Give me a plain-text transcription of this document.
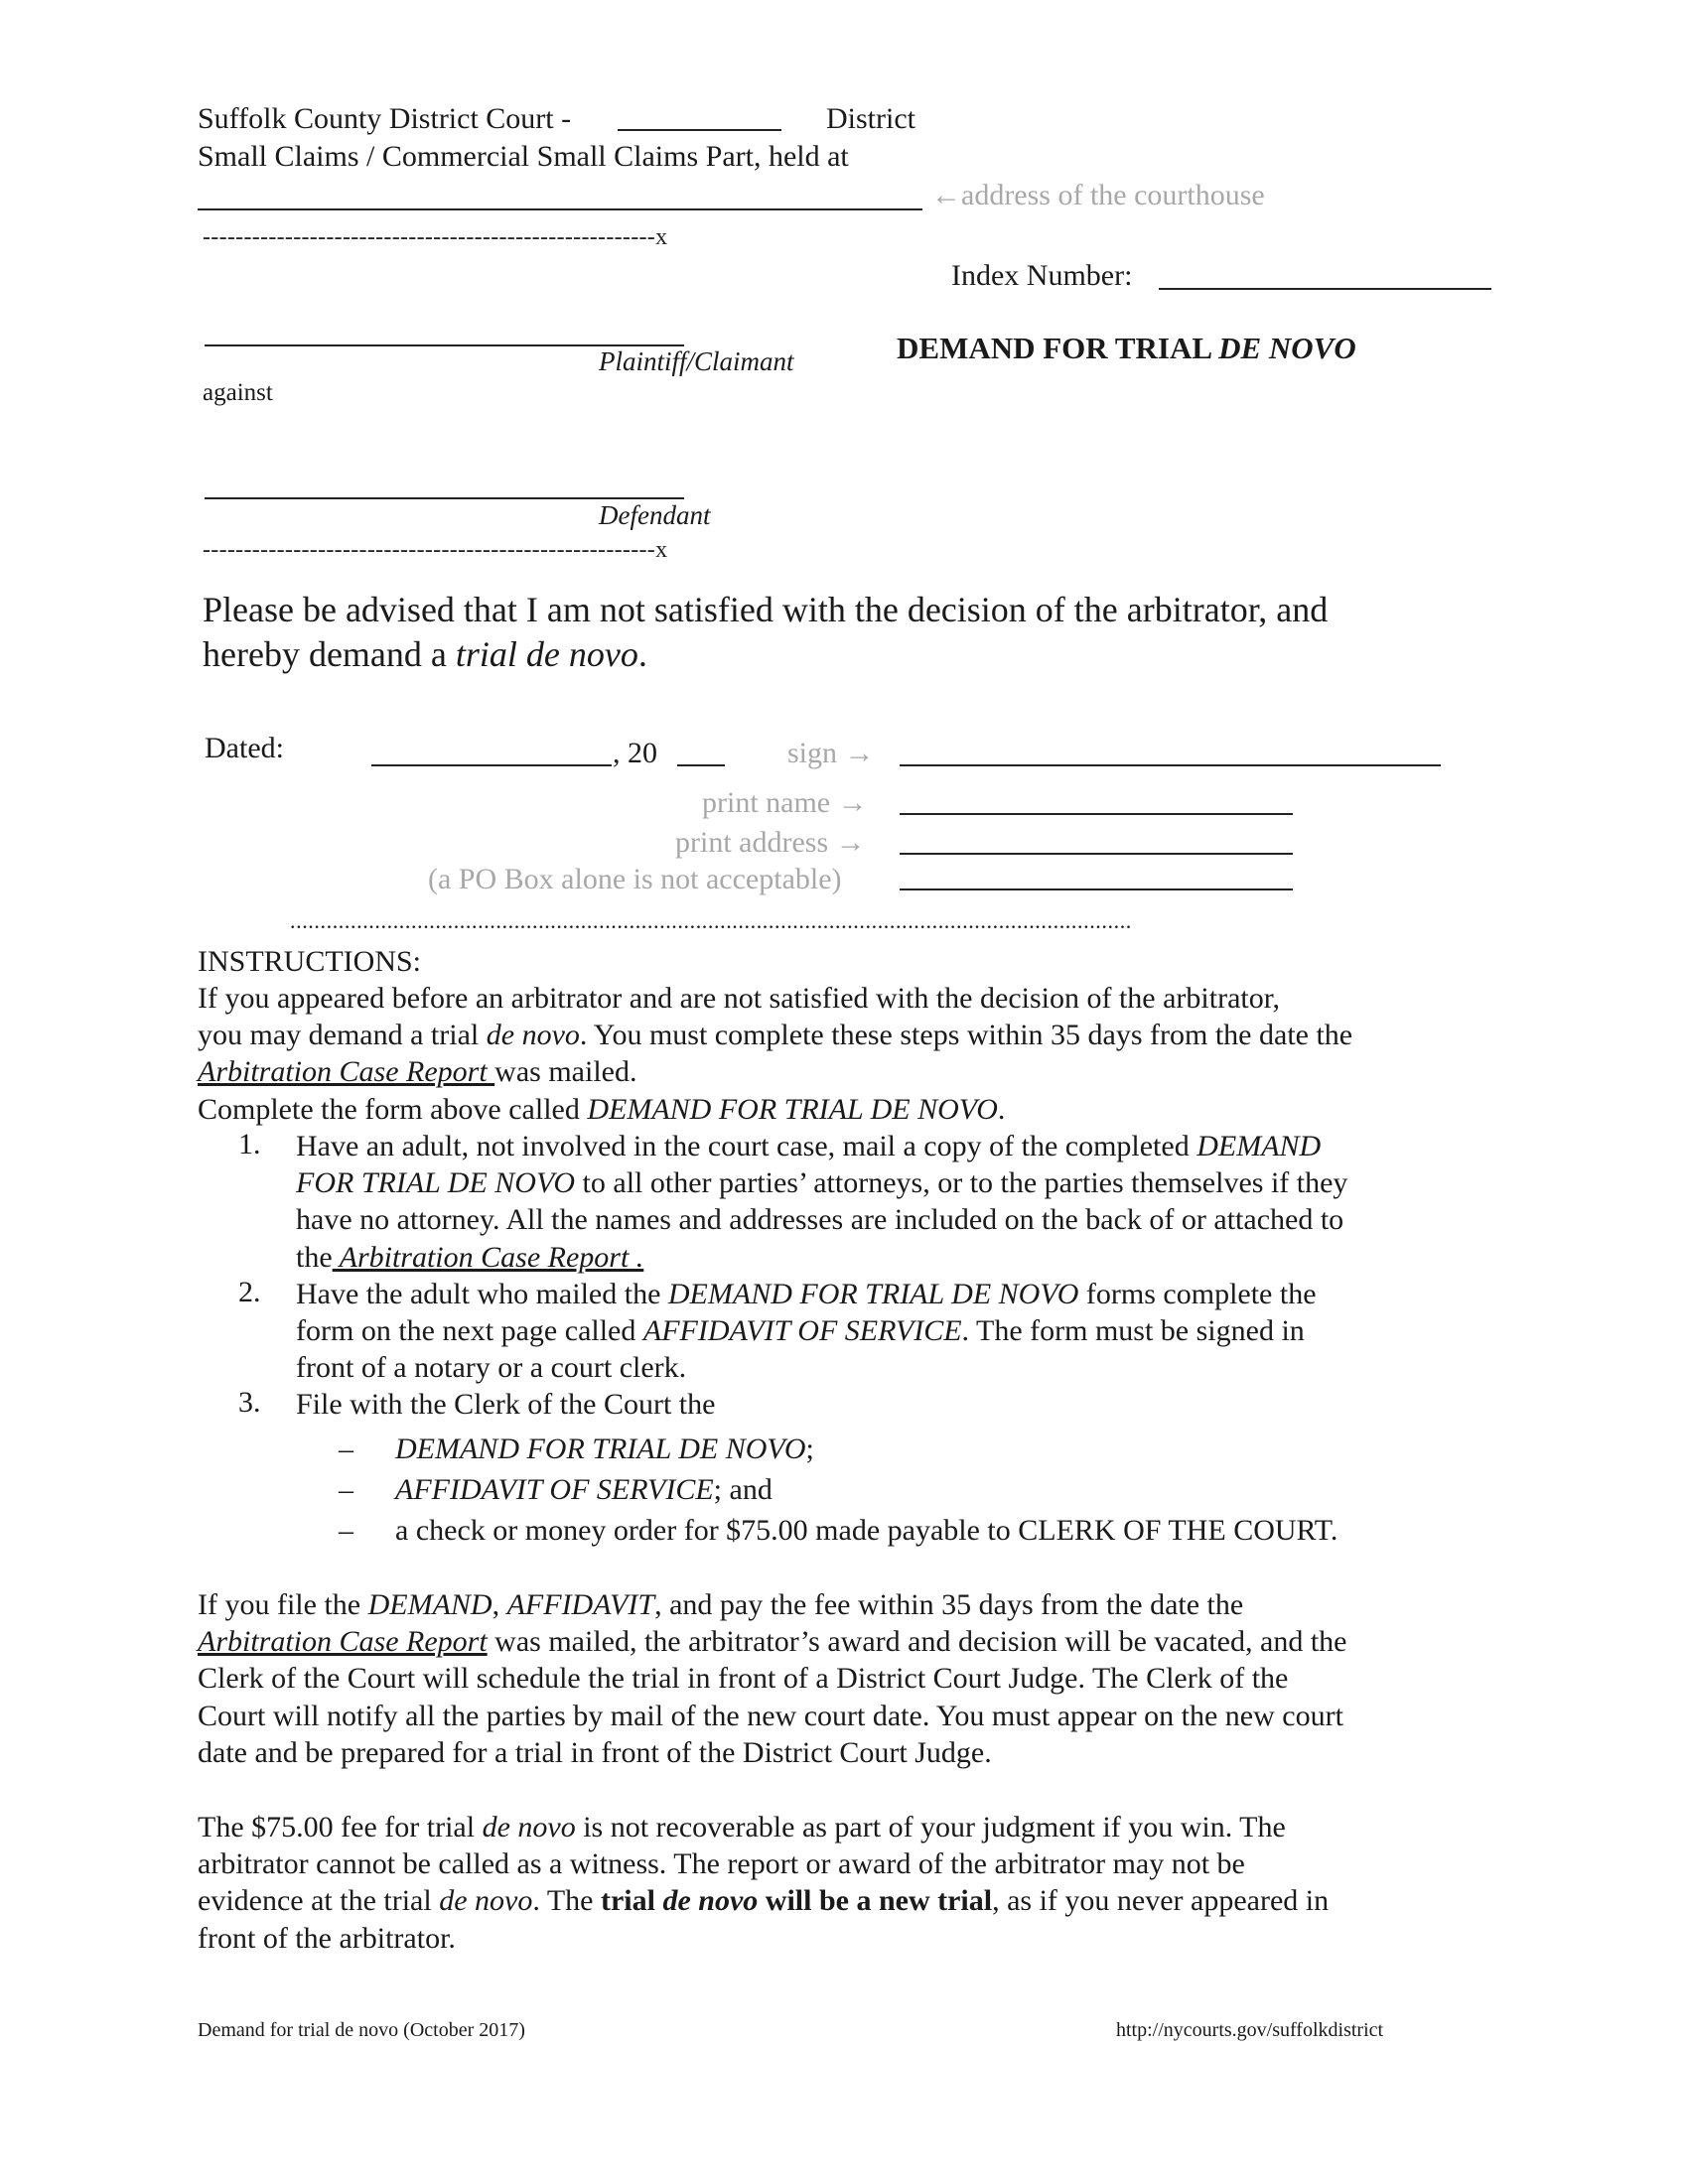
Suffolk County District Court -	District
Small Claims / Commercial Small Claims Part, held at
←address of the courthouse
-------------------------------------------------------x
Index Number:
DEMAND FOR TRIAL DE NOVO
Plaintiff/Claimant
against
Defendant
-------------------------------------------------------x
Please be advised that I am not satisfied with the decision of the arbitrator, and
hereby demand a trial de novo.
Dated:	, 20	sign →
print name →
print address →
(a PO Box alone is not acceptable)
...........................................................................................................................................
INSTRUCTIONS:
If you appeared before an arbitrator and are not satisfied with the decision of the arbitrator,
you may demand a trial de novo. You must complete these steps within 35 days from the date the
Arbitration Case Report was mailed.
Complete the form above called DEMAND FOR TRIAL DE NOVO.
1. Have an adult, not involved in the court case, mail a copy of the completed DEMAND
FOR TRIAL DE NOVO to all other parties’ attorneys, or to the parties themselves if they
have no attorney. All the names and addresses are included on the back of or attached to
the Arbitration Case Report .
2. Have the adult who mailed the DEMAND FOR TRIAL DE NOVO forms complete the
form on the next page called AFFIDAVIT OF SERVICE. The form must be signed in
front of a notary or a court clerk.
3. File with the Clerk of the Court the
– DEMAND FOR TRIAL DE NOVO;
– AFFIDAVIT OF SERVICE; and
– a check or money order for $75.00 made payable to CLERK OF THE COURT.
If you file the DEMAND, AFFIDAVIT, and pay the fee within 35 days from the date the
Arbitration Case Report was mailed, the arbitrator’s award and decision will be vacated, and the
Clerk of the Court will schedule the trial in front of a District Court Judge. The Clerk of the
Court will notify all the parties by mail of the new court date. You must appear on the new court
date and be prepared for a trial in front of the District Court Judge.
The $75.00 fee for trial de novo is not recoverable as part of your judgment if you win. The
arbitrator cannot be called as a witness. The report or award of the arbitrator may not be
evidence at the trial de novo. The trial de novo will be a new trial, as if you never appeared in
front of the arbitrator.
Demand for trial de novo (October 2017)	http://nycourts.gov/suffolkdistrict
